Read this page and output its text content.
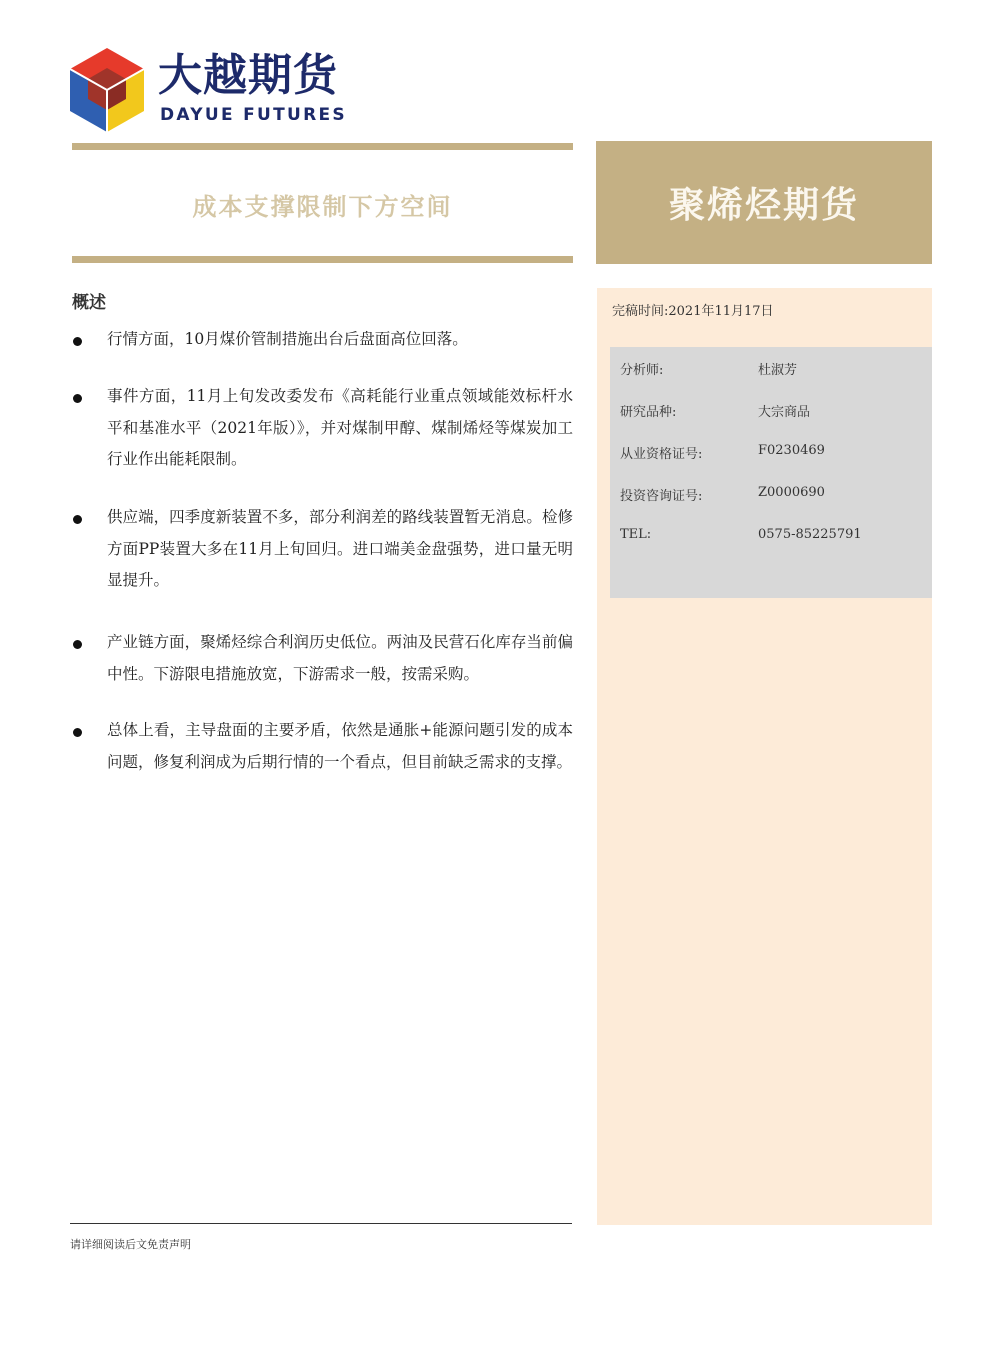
大越期货
DAYUE FUTURES
成本支撑限制下方空间	聚烯烃期货
完稿时间:2021年11月17日
分析师:	杜淑芳
研究品种:	大宗商品
从业资格证号:	F0230469
投资咨询证号:	Z0000690
TEL:	0575-85225791
概述
行情方面，10月煤价管制措施出台后盘面高位回落。
事件方面，11月上旬发改委发布《高耗能行业重点领域能效标杆水平和基准水平（2021年版）》，并对煤制甲醇、煤制烯烃等煤炭加工行业作出能耗限制。
供应端，四季度新装置不多，部分利润差的路线装置暂无消息。检修方面PP装置大多在11月上旬回归。进口端美金盘强势，进口量无明显提升。
产业链方面，聚烯烃综合利润历史低位。两油及民营石化库存当前偏中性。下游限电措施放宽，下游需求一般，按需采购。
总体上看，主导盘面的主要矛盾，依然是通胀+能源问题引发的成本问题，修复利润成为后期行情的一个看点，但目前缺乏需求的支撑。
请详细阅读后文免责声明
